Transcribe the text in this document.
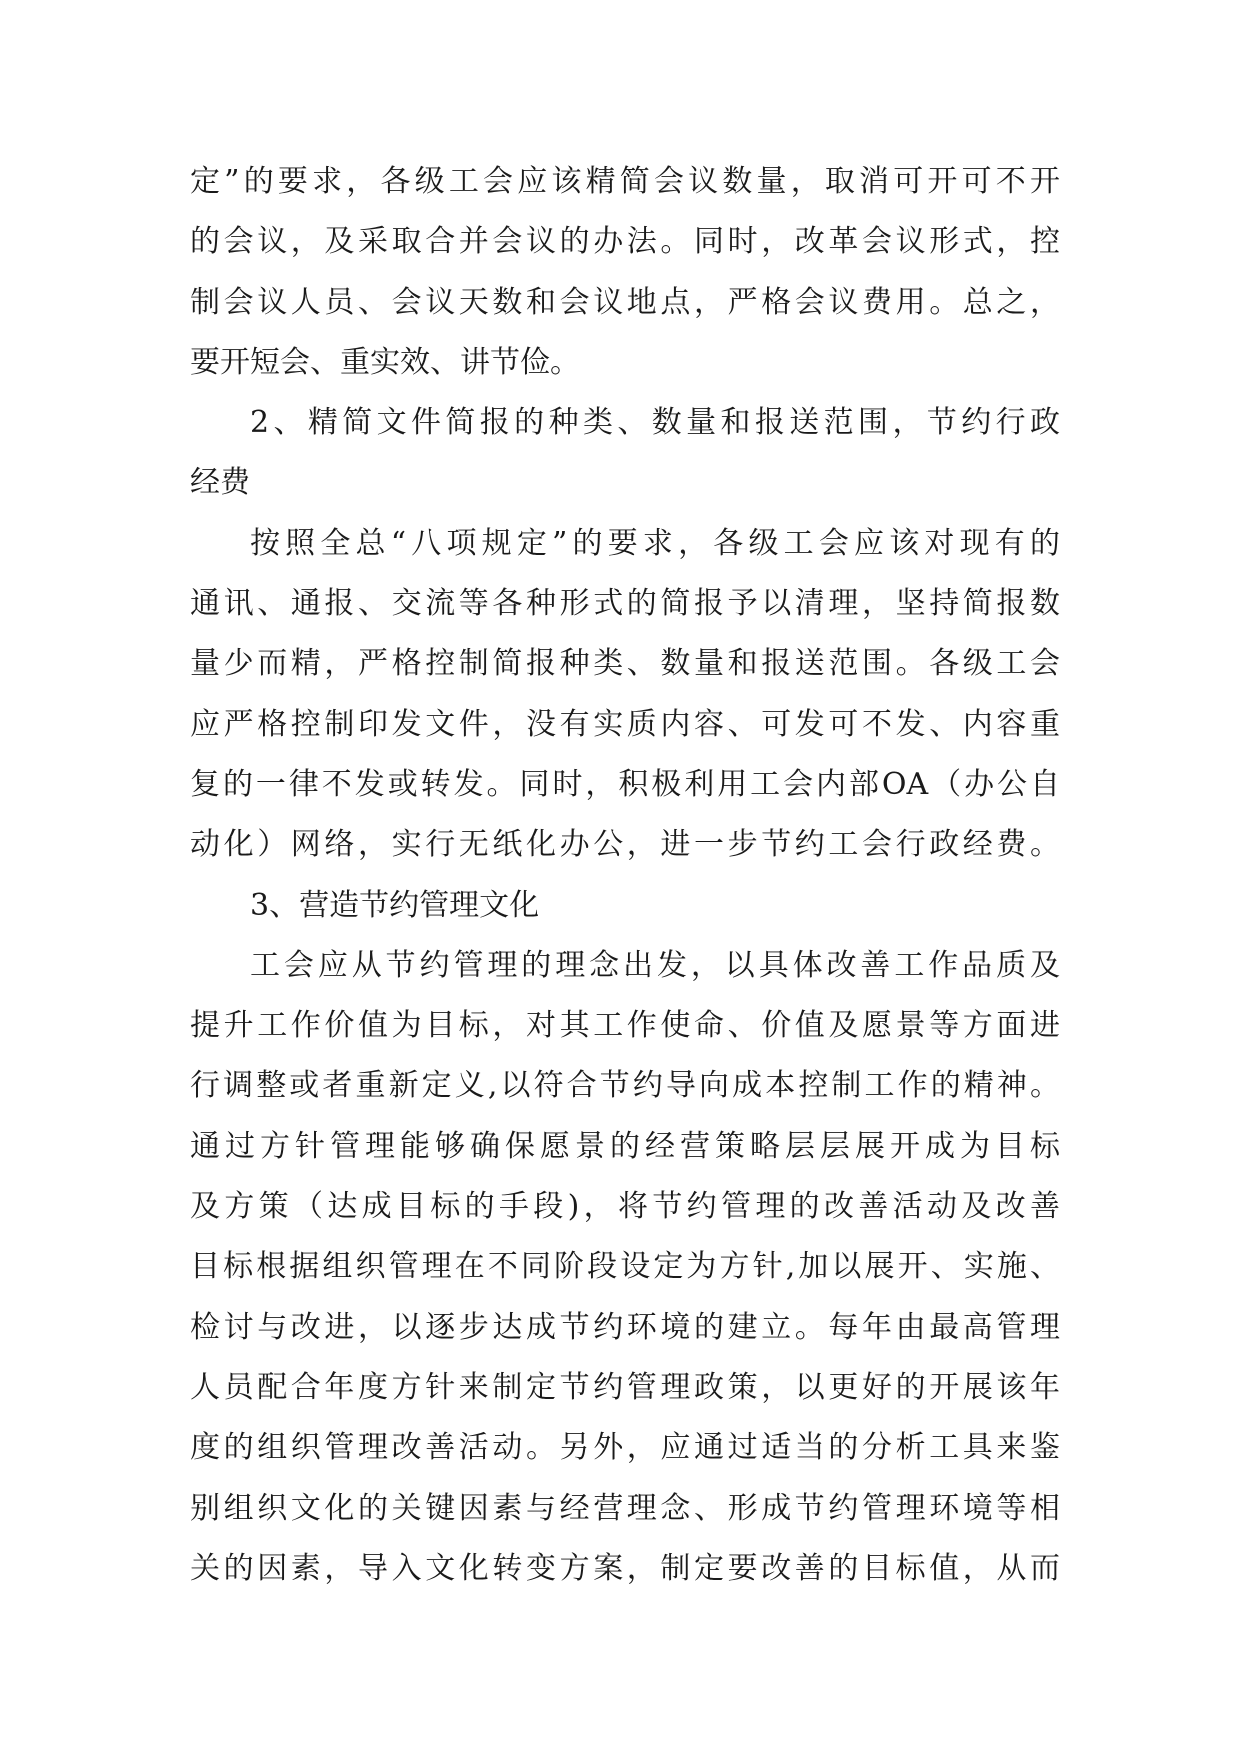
定”的要求，各级工会应该精简会议数量，取消可开可不开
的会议，及采取合并会议的办法。同时，改革会议形式，控
制会议人员、会议天数和会议地点，严格会议费用。总之，
要开短会、重实效、讲节俭。
2、精简文件简报的种类、数量和报送范围，节约行政
经费
按照全总“八项规定”的要求，各级工会应该对现有的
通讯、通报、交流等各种形式的简报予以清理，坚持简报数
量少而精，严格控制简报种类、数量和报送范围。各级工会
应严格控制印发文件，没有实质内容、可发可不发、内容重
复的一律不发或转发。同时，积极利用工会内部OA（办公自
动化）网络，实行无纸化办公，进一步节约工会行政经费。
3、营造节约管理文化
工会应从节约管理的理念出发，以具体改善工作品质及
提升工作价值为目标，对其工作使命、价值及愿景等方面进
行调整或者重新定义,以符合节约导向成本控制工作的精神。
通过方针管理能够确保愿景的经营策略层层展开成为目标
及方策（达成目标的手段)，将节约管理的改善活动及改善
目标根据组织管理在不同阶段设定为方针,加以展开、实施、
检讨与改进，以逐步达成节约环境的建立。每年由最高管理
人员配合年度方针来制定节约管理政策，以更好的开展该年
度的组织管理改善活动。另外，应通过适当的分析工具来鉴
别组织文化的关键因素与经营理念、形成节约管理环境等相
关的因素，导入文化转变方案，制定要改善的目标值，从而
